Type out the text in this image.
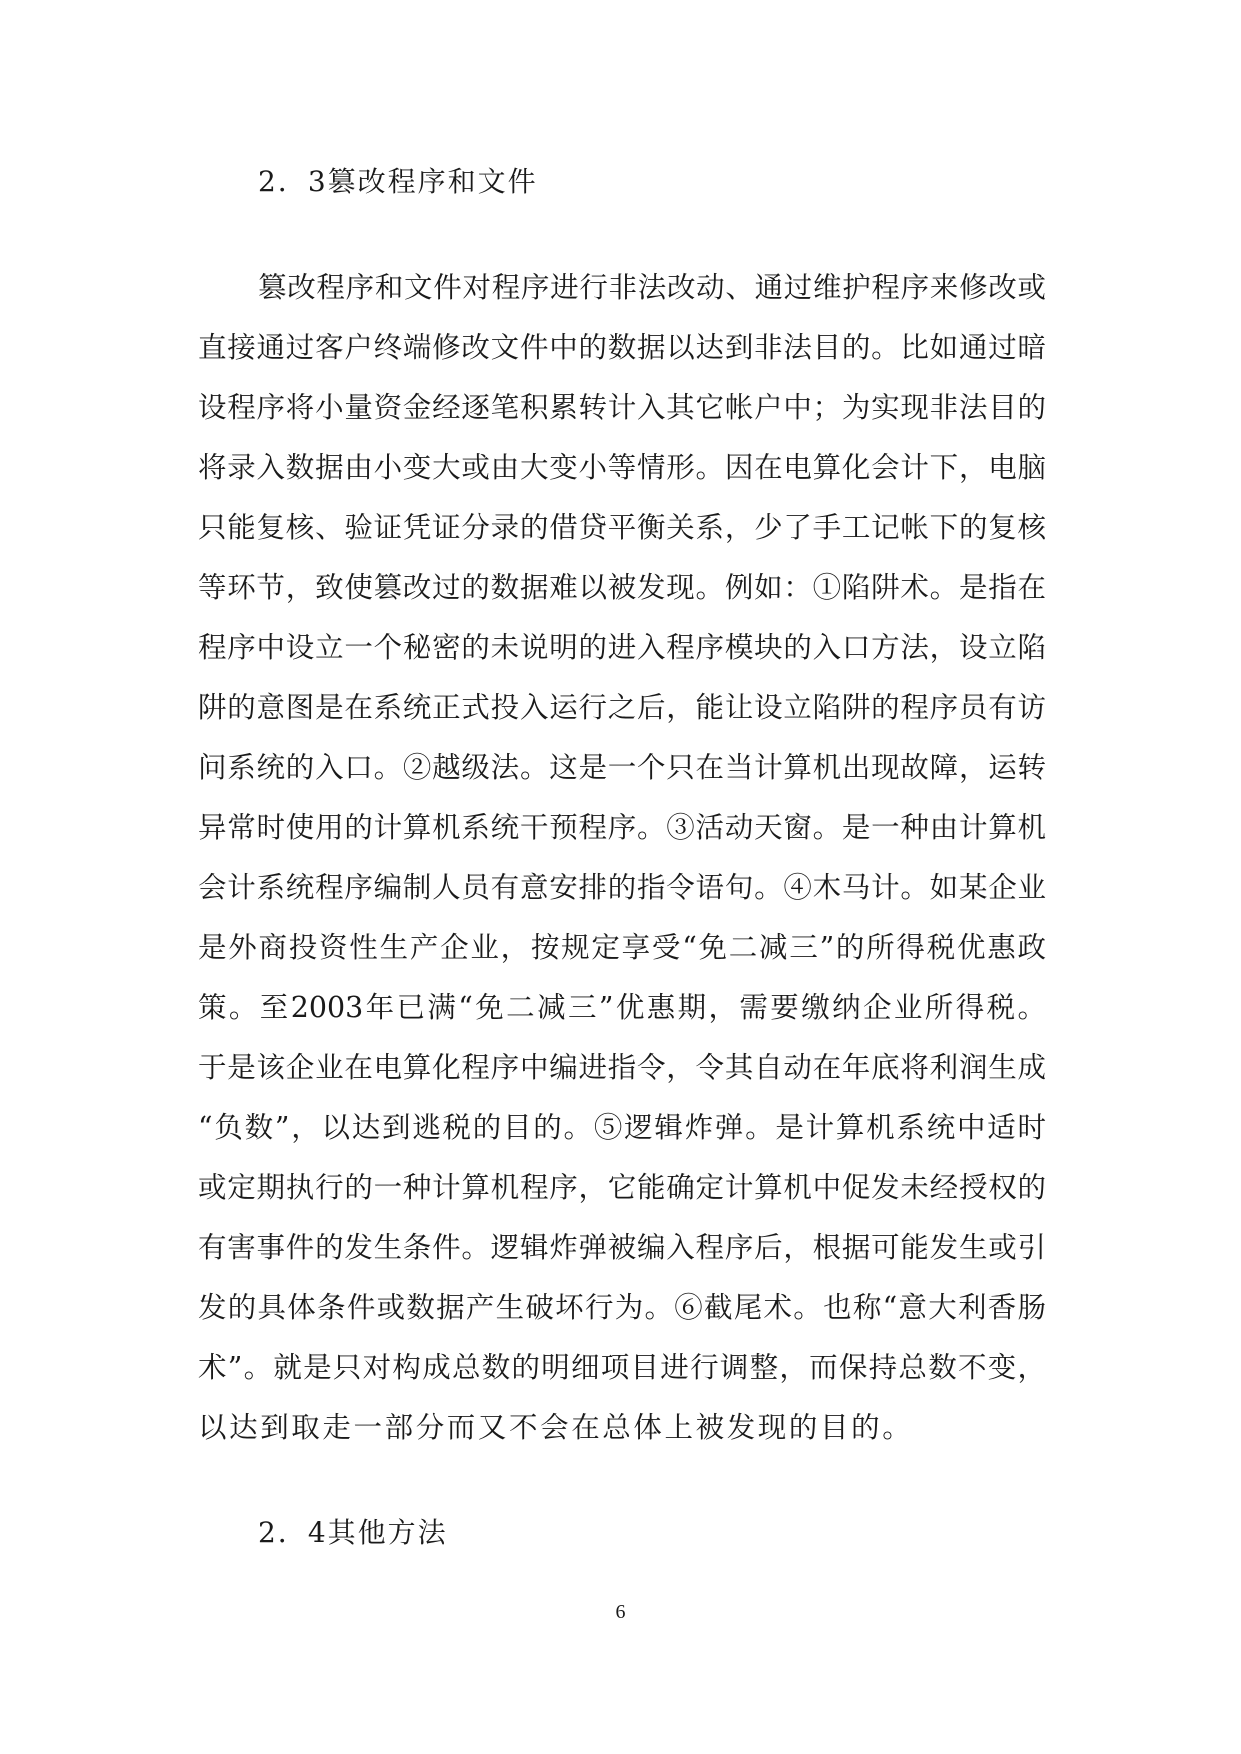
2．3篡改程序和文件
篡改程序和文件对程序进行非法改动、通过维护程序来修改或
直接通过客户终端修改文件中的数据以达到非法目的。比如通过暗
设程序将小量资金经逐笔积累转计入其它帐户中；为实现非法目的
将录入数据由小变大或由大变小等情形。因在电算化会计下，电脑
只能复核、验证凭证分录的借贷平衡关系，少了手工记帐下的复核
等环节，致使篡改过的数据难以被发现。例如：①陷阱术。是指在
程序中设立一个秘密的未说明的进入程序模块的入口方法，设立陷
阱的意图是在系统正式投入运行之后，能让设立陷阱的程序员有访
问系统的入口。②越级法。这是一个只在当计算机出现故障，运转
异常时使用的计算机系统干预程序。③活动天窗。是一种由计算机
会计系统程序编制人员有意安排的指令语句。④木马计。如某企业
是外商投资性生产企业，按规定享受“免二减三”的所得税优惠政
策。至2003年已满“免二减三”优惠期，需要缴纳企业所得税。
于是该企业在电算化程序中编进指令，令其自动在年底将利润生成
“负数”，以达到逃税的目的。⑤逻辑炸弹。是计算机系统中适时
或定期执行的一种计算机程序，它能确定计算机中促发未经授权的
有害事件的发生条件。逻辑炸弹被编入程序后，根据可能发生或引
发的具体条件或数据产生破坏行为。⑥截尾术。也称“意大利香肠
术”。就是只对构成总数的明细项目进行调整，而保持总数不变，
以达到取走一部分而又不会在总体上被发现的目的。
2．4其他方法
6
